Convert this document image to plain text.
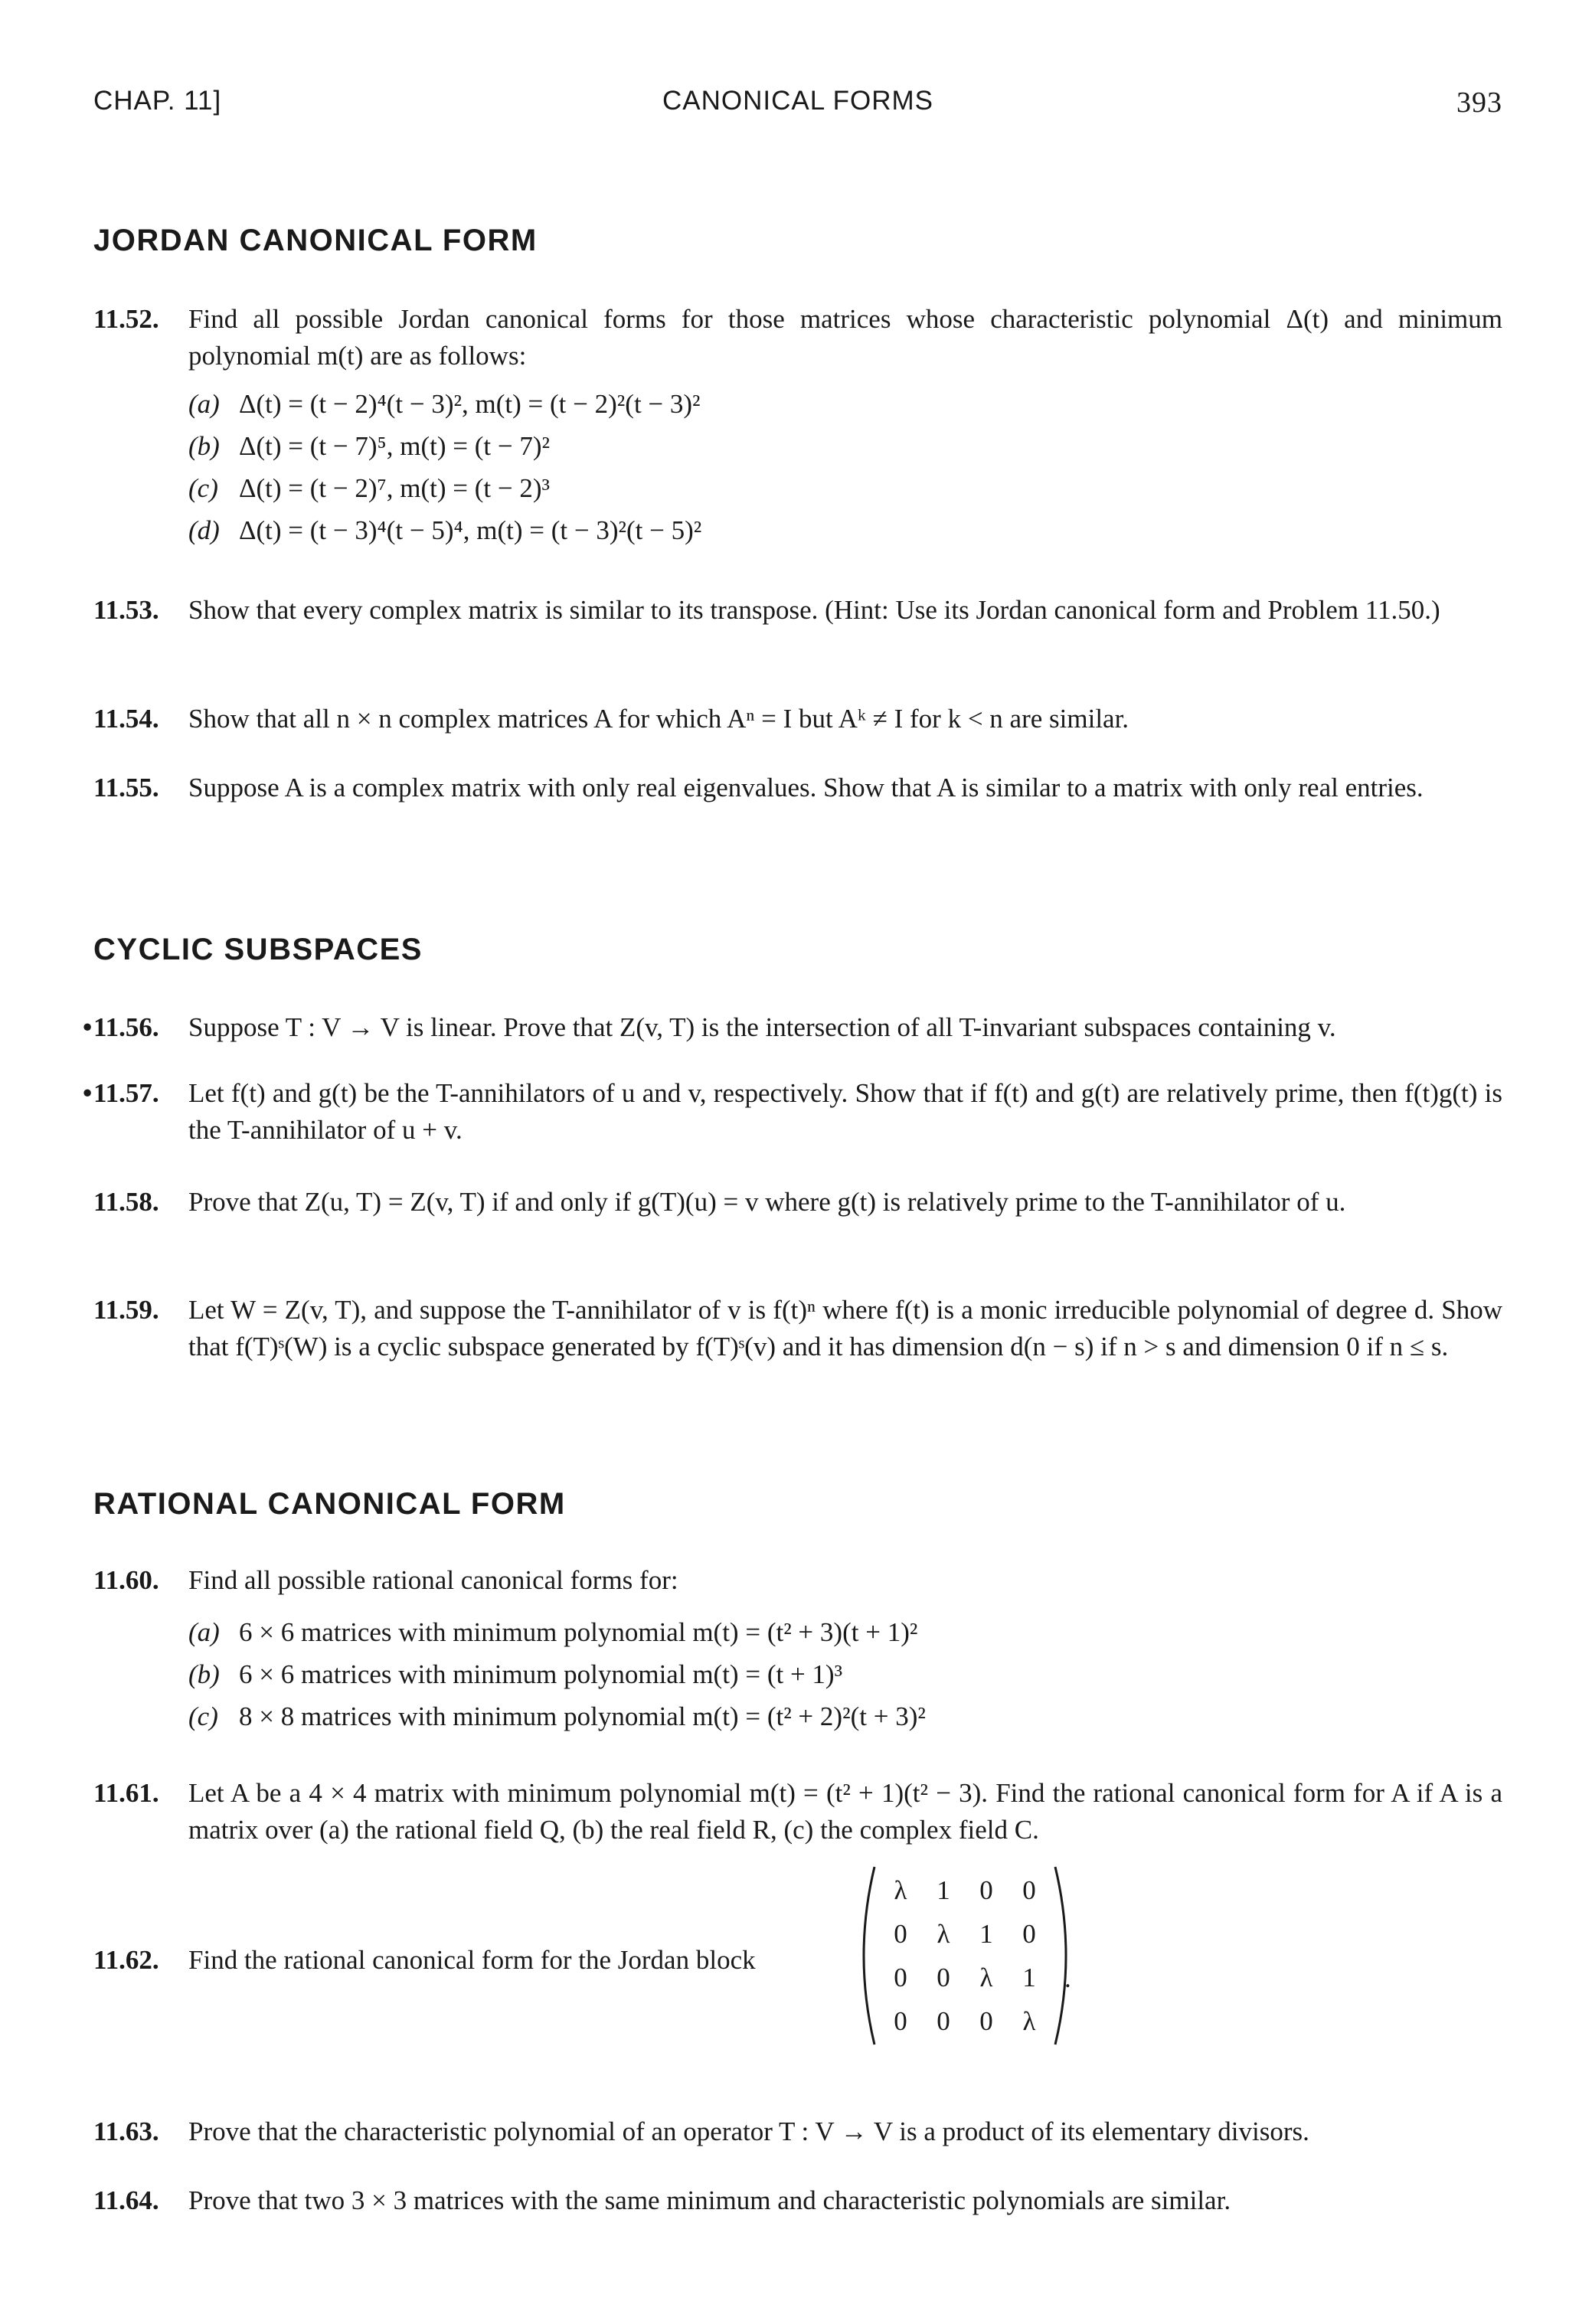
CHAP. 11]	CANONICAL FORMS	393
JORDAN CANONICAL FORM
11.52. Find all possible Jordan canonical forms for those matrices whose characteristic polynomial Δ(t) and minimum polynomial m(t) are as follows:
(a) Δ(t) = (t − 2)⁴(t − 3)², m(t) = (t − 2)²(t − 3)²
(b) Δ(t) = (t − 7)⁵, m(t) = (t − 7)²
(c) Δ(t) = (t − 2)⁷, m(t) = (t − 2)³
(d) Δ(t) = (t − 3)⁴(t − 5)⁴, m(t) = (t − 3)²(t − 5)²
11.53. Show that every complex matrix is similar to its transpose. (Hint: Use its Jordan canonical form and Problem 11.50.)
11.54. Show that all n × n complex matrices A for which Aⁿ = I but Aᵏ ≠ I for k < n are similar.
11.55. Suppose A is a complex matrix with only real eigenvalues. Show that A is similar to a matrix with only real entries.
CYCLIC SUBSPACES
• 11.56. Suppose T : V → V is linear. Prove that Z(v, T) is the intersection of all T-invariant subspaces containing v.
• 11.57. Let f(t) and g(t) be the T-annihilators of u and v, respectively. Show that if f(t) and g(t) are relatively prime, then f(t)g(t) is the T-annihilator of u + v.
11.58. Prove that Z(u, T) = Z(v, T) if and only if g(T)(u) = v where g(t) is relatively prime to the T-annihilator of u.
11.59. Let W = Z(v, T), and suppose the T-annihilator of v is f(t)ⁿ where f(t) is a monic irreducible polynomial of degree d. Show that f(T)ˢ(W) is a cyclic subspace generated by f(T)ˢ(v) and it has dimension d(n − s) if n > s and dimension 0 if n ≤ s.
RATIONAL CANONICAL FORM
11.60. Find all possible rational canonical forms for:
(a) 6 × 6 matrices with minimum polynomial m(t) = (t² + 3)(t + 1)²
(b) 6 × 6 matrices with minimum polynomial m(t) = (t + 1)³
(c) 8 × 8 matrices with minimum polynomial m(t) = (t² + 2)²(t + 3)²
11.61. Let A be a 4 × 4 matrix with minimum polynomial m(t) = (t² + 1)(t² − 3). Find the rational canonical form for A if A is a matrix over (a) the rational field Q, (b) the real field R, (c) the complex field C.
11.62. Find the rational canonical form for the Jordan block
λ	1	0	0
0	λ	1	0
0	0	λ	1
0	0	0	λ
.
11.63. Prove that the characteristic polynomial of an operator T : V → V is a product of its elementary divisors.
11.64. Prove that two 3 × 3 matrices with the same minimum and characteristic polynomials are similar.
